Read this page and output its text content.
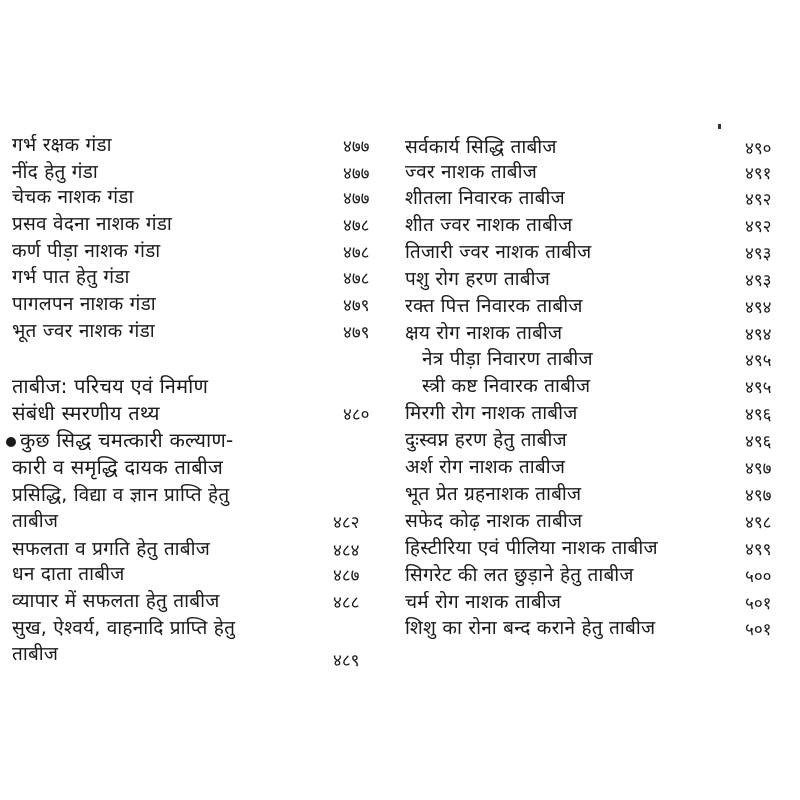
गर्भ रक्षक गंडा	४७७
नींद हेतु गंडा	४७७
चेचक नाशक गंडा	४७७
प्रसव वेदना नाशक गंडा	४७८
कर्ण पीड़ा नाशक गंडा	४७८
गर्भ पात हेतु गंडा	४७८
पागलपन नाशक गंडा	४७९
भूत ज्वर नाशक गंडा	४७९
ताबीज: परिचय एवं निर्माण
संबंधी स्मरणीय तथ्य	४८०
कुछ सिद्ध चमत्कारी कल्याण-
कारी व समृद्धि दायक ताबीज
प्रसिद्धि, विद्या व ज्ञान प्राप्ति हेतु
ताबीज	४८२
सफलता व प्रगति हेतु ताबीज	४८४
धन दाता ताबीज	४८७
व्यापार में सफलता हेतु ताबीज	४८८
सुख, ऐश्वर्य, वाहनादि प्राप्ति हेतु
ताबीज	४८९
सर्वकार्य सिद्धि ताबीज	४९०
ज्वर नाशक ताबीज	४९१
शीतला निवारक ताबीज	४९२
शीत ज्वर नाशक ताबीज	४९२
तिजारी ज्वर नाशक ताबीज	४९३
पशु रोग हरण ताबीज	४९३
रक्त पित्त निवारक ताबीज	४९४
क्षय रोग नाशक ताबीज	४९४
नेत्र पीड़ा निवारण ताबीज	४९५
स्त्री कष्ट निवारक ताबीज	४९५
मिरगी रोग नाशक ताबीज	४९६
दुःस्वप्न हरण हेतु ताबीज	४९६
अर्श रोग नाशक ताबीज	४९७
भूत प्रेत ग्रहनाशक ताबीज	४९७
सफेद कोढ़ नाशक ताबीज	४९८
हिस्टीरिया एवं पीलिया नाशक ताबीज	४९९
सिगरेट की लत छुड़ाने हेतु ताबीज	५००
चर्म रोग नाशक ताबीज	५०१
शिशु का रोना बन्द कराने हेतु ताबीज	५०१
